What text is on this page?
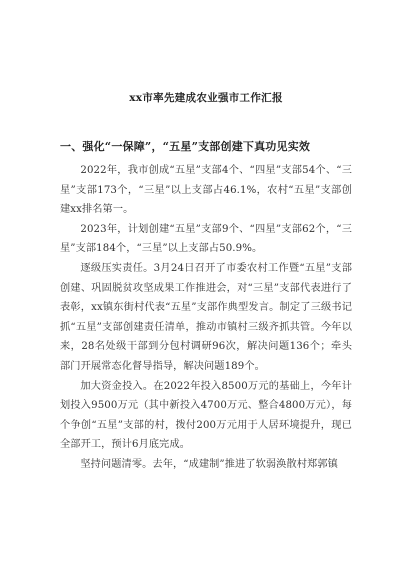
xx市率先建成农业强市工作汇报
一、强化“一保障”，“五星”支部创建下真功见实效

2022年，我市创成“五星”支部4个、“四星”支部54个、“三星”支部173个，“三星”以上支部占46.1%，农村“五星”支部创建xx排名第一。

2023年，计划创建“五星”支部9个、“四星”支部62个，“三星”支部184个，“三星”以上支部占50.9%。

逐级压实责任。3月24日召开了市委农村工作暨“五星”支部创建、巩固脱贫攻坚成果工作推进会，对“三星”支部代表进行了表彰，xx镇东街村代表“五星”支部作典型发言。制定了三级书记抓“五星”支部创建责任清单，推动市镇村三级齐抓共管。今年以来，28名处级干部到分包村调研96次，解决问题136个；牵头部门开展常态化督导指导，解决问题189个。

加大资金投入。在2022年投入8500万元的基础上，今年计划投入9500万元（其中新投入4700万元、整合4800万元），每个争创“五星”支部的村，拨付200万元用于人居环境提升，现已全部开工，预计6月底完成。

坚持问题清零。去年，“成建制”推进了软弱涣散村郑郭镇
